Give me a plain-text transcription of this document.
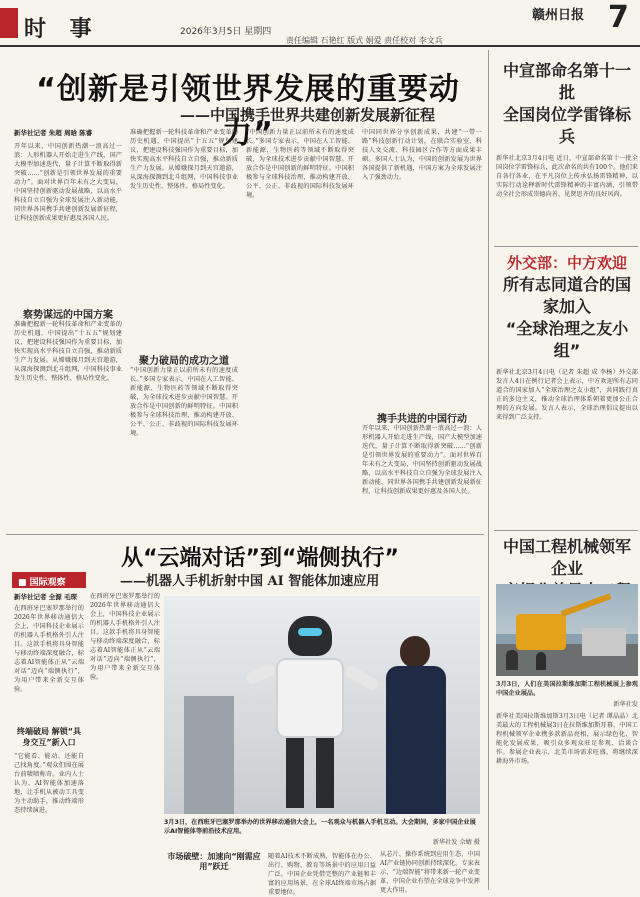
时 事	2026年3月5日 星期四
赣州日报
责任编辑 石艳红 版式 娟爱 责任校对 李文兵
7
“创新是引领世界发展的重要动力”
——中国携手世界共建创新发展新征程
新华社记者 朱超 周晗 陈睿
开年以来，中国创新热潮一浪高过一浪：人形机器人开始走进生产线，国产大模型加速迭代，量子计算不断取得新突破……“创新是引领世界发展的重要动力”。面对世界百年未有之大变局，中国坚持创新驱动发展战略，以高水平科技自立自强为全球发展注入新动能，同世界各国携手共建创新发展新征程，让科技创新成果更好惠及各国人民。
察势谋远的中国方案
准确把握新一轮科技革命和产业变革的历史机遇，中国提出“十五五”规划建议，把建设科技强国作为重要目标，加快实现高水平科技自立自强，推动新质生产力发展。从嫦娥探月到天宫遨游，从深海探测到北斗组网，中国科技事业发生历史性、整体性、格局性变化。
准确把握新一轮科技革命和产业变革的历史机遇，中国提出“十五五”规划建议，把建设科技强国作为重要目标，加快实现高水平科技自立自强，推动新质生产力发展。从嫦娥探月到天宫遨游，从深海探测到北斗组网，中国科技事业发生历史性、整体性、格局性变化。
聚力破局的成功之道
“中国创新力量正以前所未有的速度成长。”多国专家表示，中国在人工智能、新能源、生物医药等领域不断取得突破，为全球技术进步贡献中国智慧。开放合作是中国创新的鲜明特征。中国积极参与全球科技治理，推动构建开放、公平、公正、非歧视的国际科技发展环境。
“中国创新力量正以前所未有的速度成长。”多国专家表示，中国在人工智能、新能源、生物医药等领域不断取得突破，为全球技术进步贡献中国智慧。开放合作是中国创新的鲜明特征。中国积极参与全球科技治理，推动构建开放、公平、公正、非歧视的国际科技发展环境。
中国同世界分享创新成果，共建“一带一路”科技创新行动计划，在联合实验室、科技人文交流、科技园区合作等方面成果丰硕。多国人士认为，中国的创新发展为世界各国提供了新机遇，中国方案为全球发展注入了强劲动力。
携手共进的中国行动
开年以来，中国创新热潮一浪高过一浪：人形机器人开始走进生产线，国产大模型加速迭代，量子计算不断取得新突破……“创新是引领世界发展的重要动力”。面对世界百年未有之大变局，中国坚持创新驱动发展战略，以高水平科技自立自强为全球发展注入新动能，同世界各国携手共建创新发展新征程，让科技创新成果更好惠及各国人民。
中宣部命名第十一批
全国岗位学雷锋标兵
新华社北京3月4日电 近日，中宣部命名第十一批全国岗位学雷锋标兵，此次命名的共有100个。他们来自各行各业，在平凡岗位上传承弘扬雷锋精神，以实际行动诠释新时代雷锋精神的丰富内涵，引领带动全社会形成崇德向善、见贤思齐的良好风尚。
外交部：中方欢迎
所有志同道合的国家加入
“全球治理之友小组”
新华社北京3月4日电（记者 朱超 成 李杨）外交部发言人4日在例行记者会上表示，中方欢迎所有志同道合的国家加入“全球治理之友小组”，共同践行真正的多边主义，推动全球治理体系朝着更加公正合理的方向发展。发言人表示，全球治理倡议提出以来得到广泛支持。
中国工程机械领军企业
3月3日，人们在美国拉斯维加斯工程机械展上参观中国企业展品。
新华社发
新华社美国拉斯维加斯3月3日电（记者 谭晶晶）北美最大的工程机械展3日在拉斯维加斯开幕，中国工程机械领军企业携多款新品亮相，展示绿色化、智能化发展成果，吸引众多观众驻足参观、洽谈合作。参展企业表示，北美市场需求旺盛，将继续深耕海外市场。
从“云端对话”到“端侧执行”
——机器人手机折射中国 AI 智能体加速应用
■ 国际观察
新华社记者 全源 毛琛
在西班牙巴塞罗那举行的2026年世界移动通信大会上，中国科技企业展示的机器人手机格外引人注目。这款手机将具身智能与移动终端深度融合，标志着AI智能体正从“云端对话”迈向“端侧执行”，为用户带来全新交互体验。
终端破局 解锁“具身交互”新入口
“它能看、能动、还能自己找角度。”观众们围在展台前啧啧称奇。业内人士认为，AI智能体加速落地，让手机从被动工具变为主动助手，推动终端形态持续演进。
在西班牙巴塞罗那举行的2026年世界移动通信大会上，中国科技企业展示的机器人手机格外引人注目。这款手机将具身智能与移动终端深度融合，标志着AI智能体正从“云端对话”迈向“端侧执行”，为用户带来全新交互体验。
3月3日，在西班牙巴塞罗那举办的世界移动通信大会上，一名观众与机器人手机互动。大会期间，多家中国企业展示AI智能体等前沿技术应用。
新华社发 佘婧 摄
市场破壁：加速向“刚需应用”跃迁
随着AI技术不断成熟，智能体在办公、出行、购物、教育等场景中的应用日益广泛。中国企业凭借完整的产业链和丰富的应用场景，在全球AI终端市场占据重要地位。
从芯片、操作系统到应用生态，中国AI产业链协同创新持续深化。专家表示，“边端智能”将带来新一轮产业变革，中国企业有望在全球竞争中发挥更大作用。
